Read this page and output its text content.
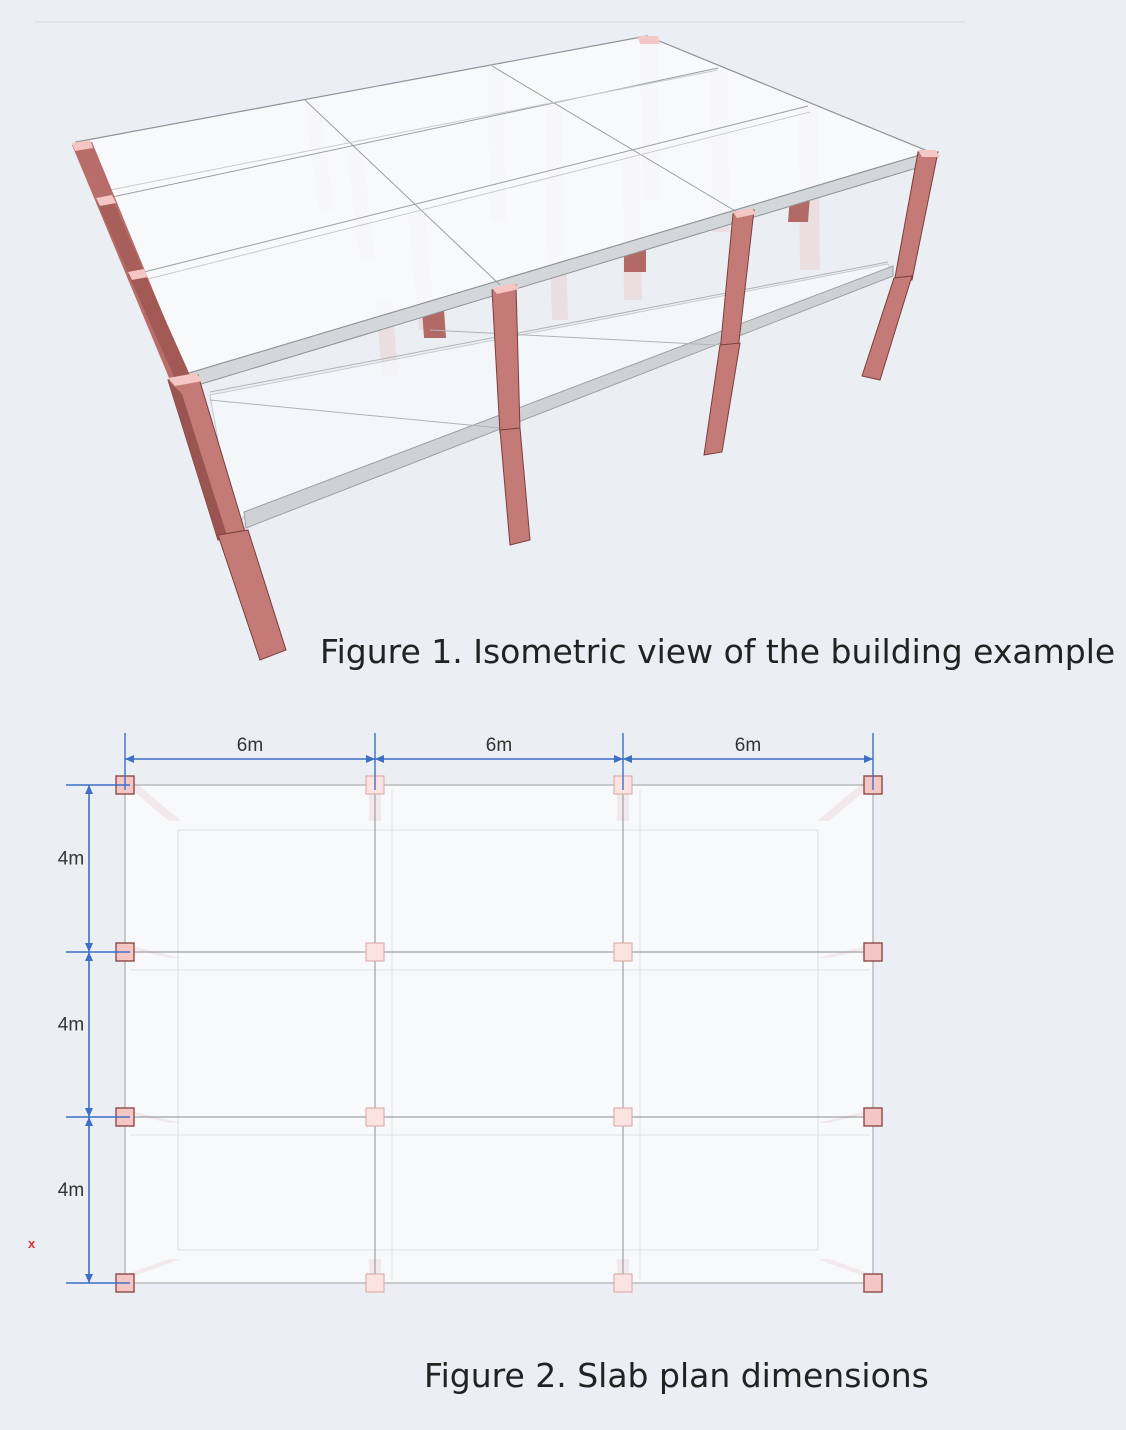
Figure 1. Isometric view of the building example
6m	6m	6m
4m
4m
4m
x
Figure 2. Slab plan dimensions
